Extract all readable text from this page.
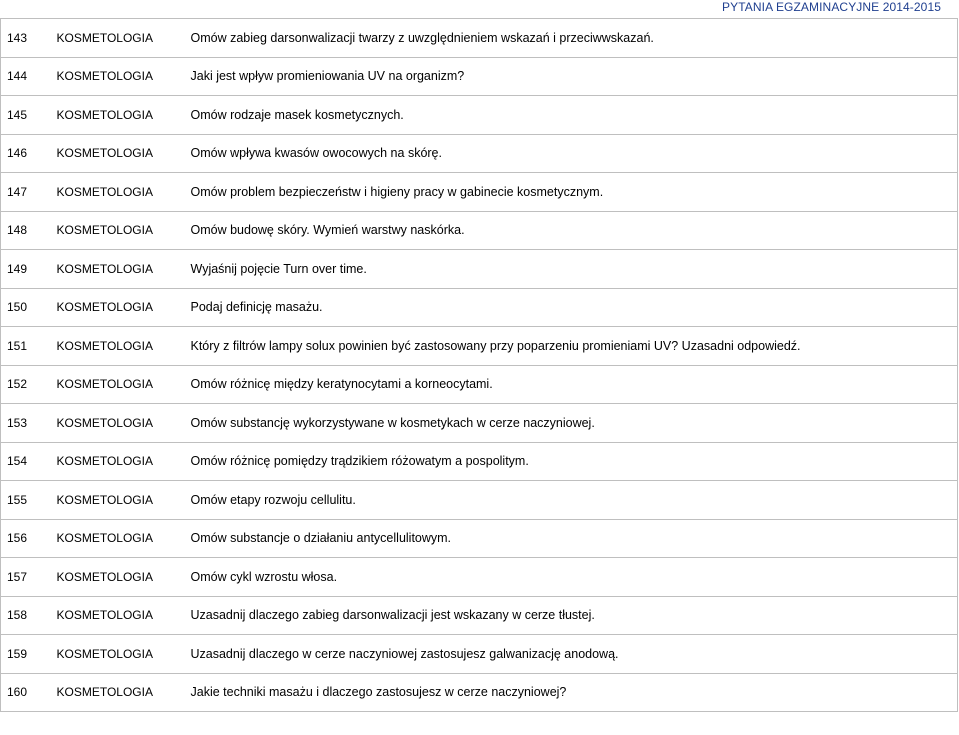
PYTANIA EGZAMINACYJNE 2014-2015
143	KOSMETOLOGIA	Omów zabieg darsonwalizacji twarzy z uwzględnieniem wskazań i przeciwwskazań.
144	KOSMETOLOGIA	Jaki jest wpływ promieniowania UV na organizm?
145	KOSMETOLOGIA	Omów rodzaje masek kosmetycznych.
146	KOSMETOLOGIA	Omów wpływa kwasów owocowych na skórę.
147	KOSMETOLOGIA	Omów problem bezpieczeństw i higieny pracy w gabinecie kosmetycznym.
148	KOSMETOLOGIA	Omów budowę skóry. Wymień warstwy naskórka.
149	KOSMETOLOGIA	Wyjaśnij pojęcie Turn over time.
150	KOSMETOLOGIA	Podaj definicję masażu.
151	KOSMETOLOGIA	Który z filtrów lampy solux powinien być zastosowany przy poparzeniu promieniami UV? Uzasadni odpowiedź.
152	KOSMETOLOGIA	Omów różnicę między keratynocytami a korneocytami.
153	KOSMETOLOGIA	Omów substancję wykorzystywane w kosmetykach w cerze naczyniowej.
154	KOSMETOLOGIA	Omów różnicę pomiędzy trądzikiem różowatym a pospolitym.
155	KOSMETOLOGIA	Omów etapy rozwoju cellulitu.
156	KOSMETOLOGIA	Omów substancje o działaniu antycellulitowym.
157	KOSMETOLOGIA	Omów cykl wzrostu włosa.
158	KOSMETOLOGIA	Uzasadnij dlaczego zabieg darsonwalizacji jest wskazany w cerze tłustej.
159	KOSMETOLOGIA	Uzasadnij dlaczego w cerze naczyniowej zastosujesz galwanizację anodową.
160	KOSMETOLOGIA	Jakie techniki masażu i dlaczego zastosujesz w cerze naczyniowej?
